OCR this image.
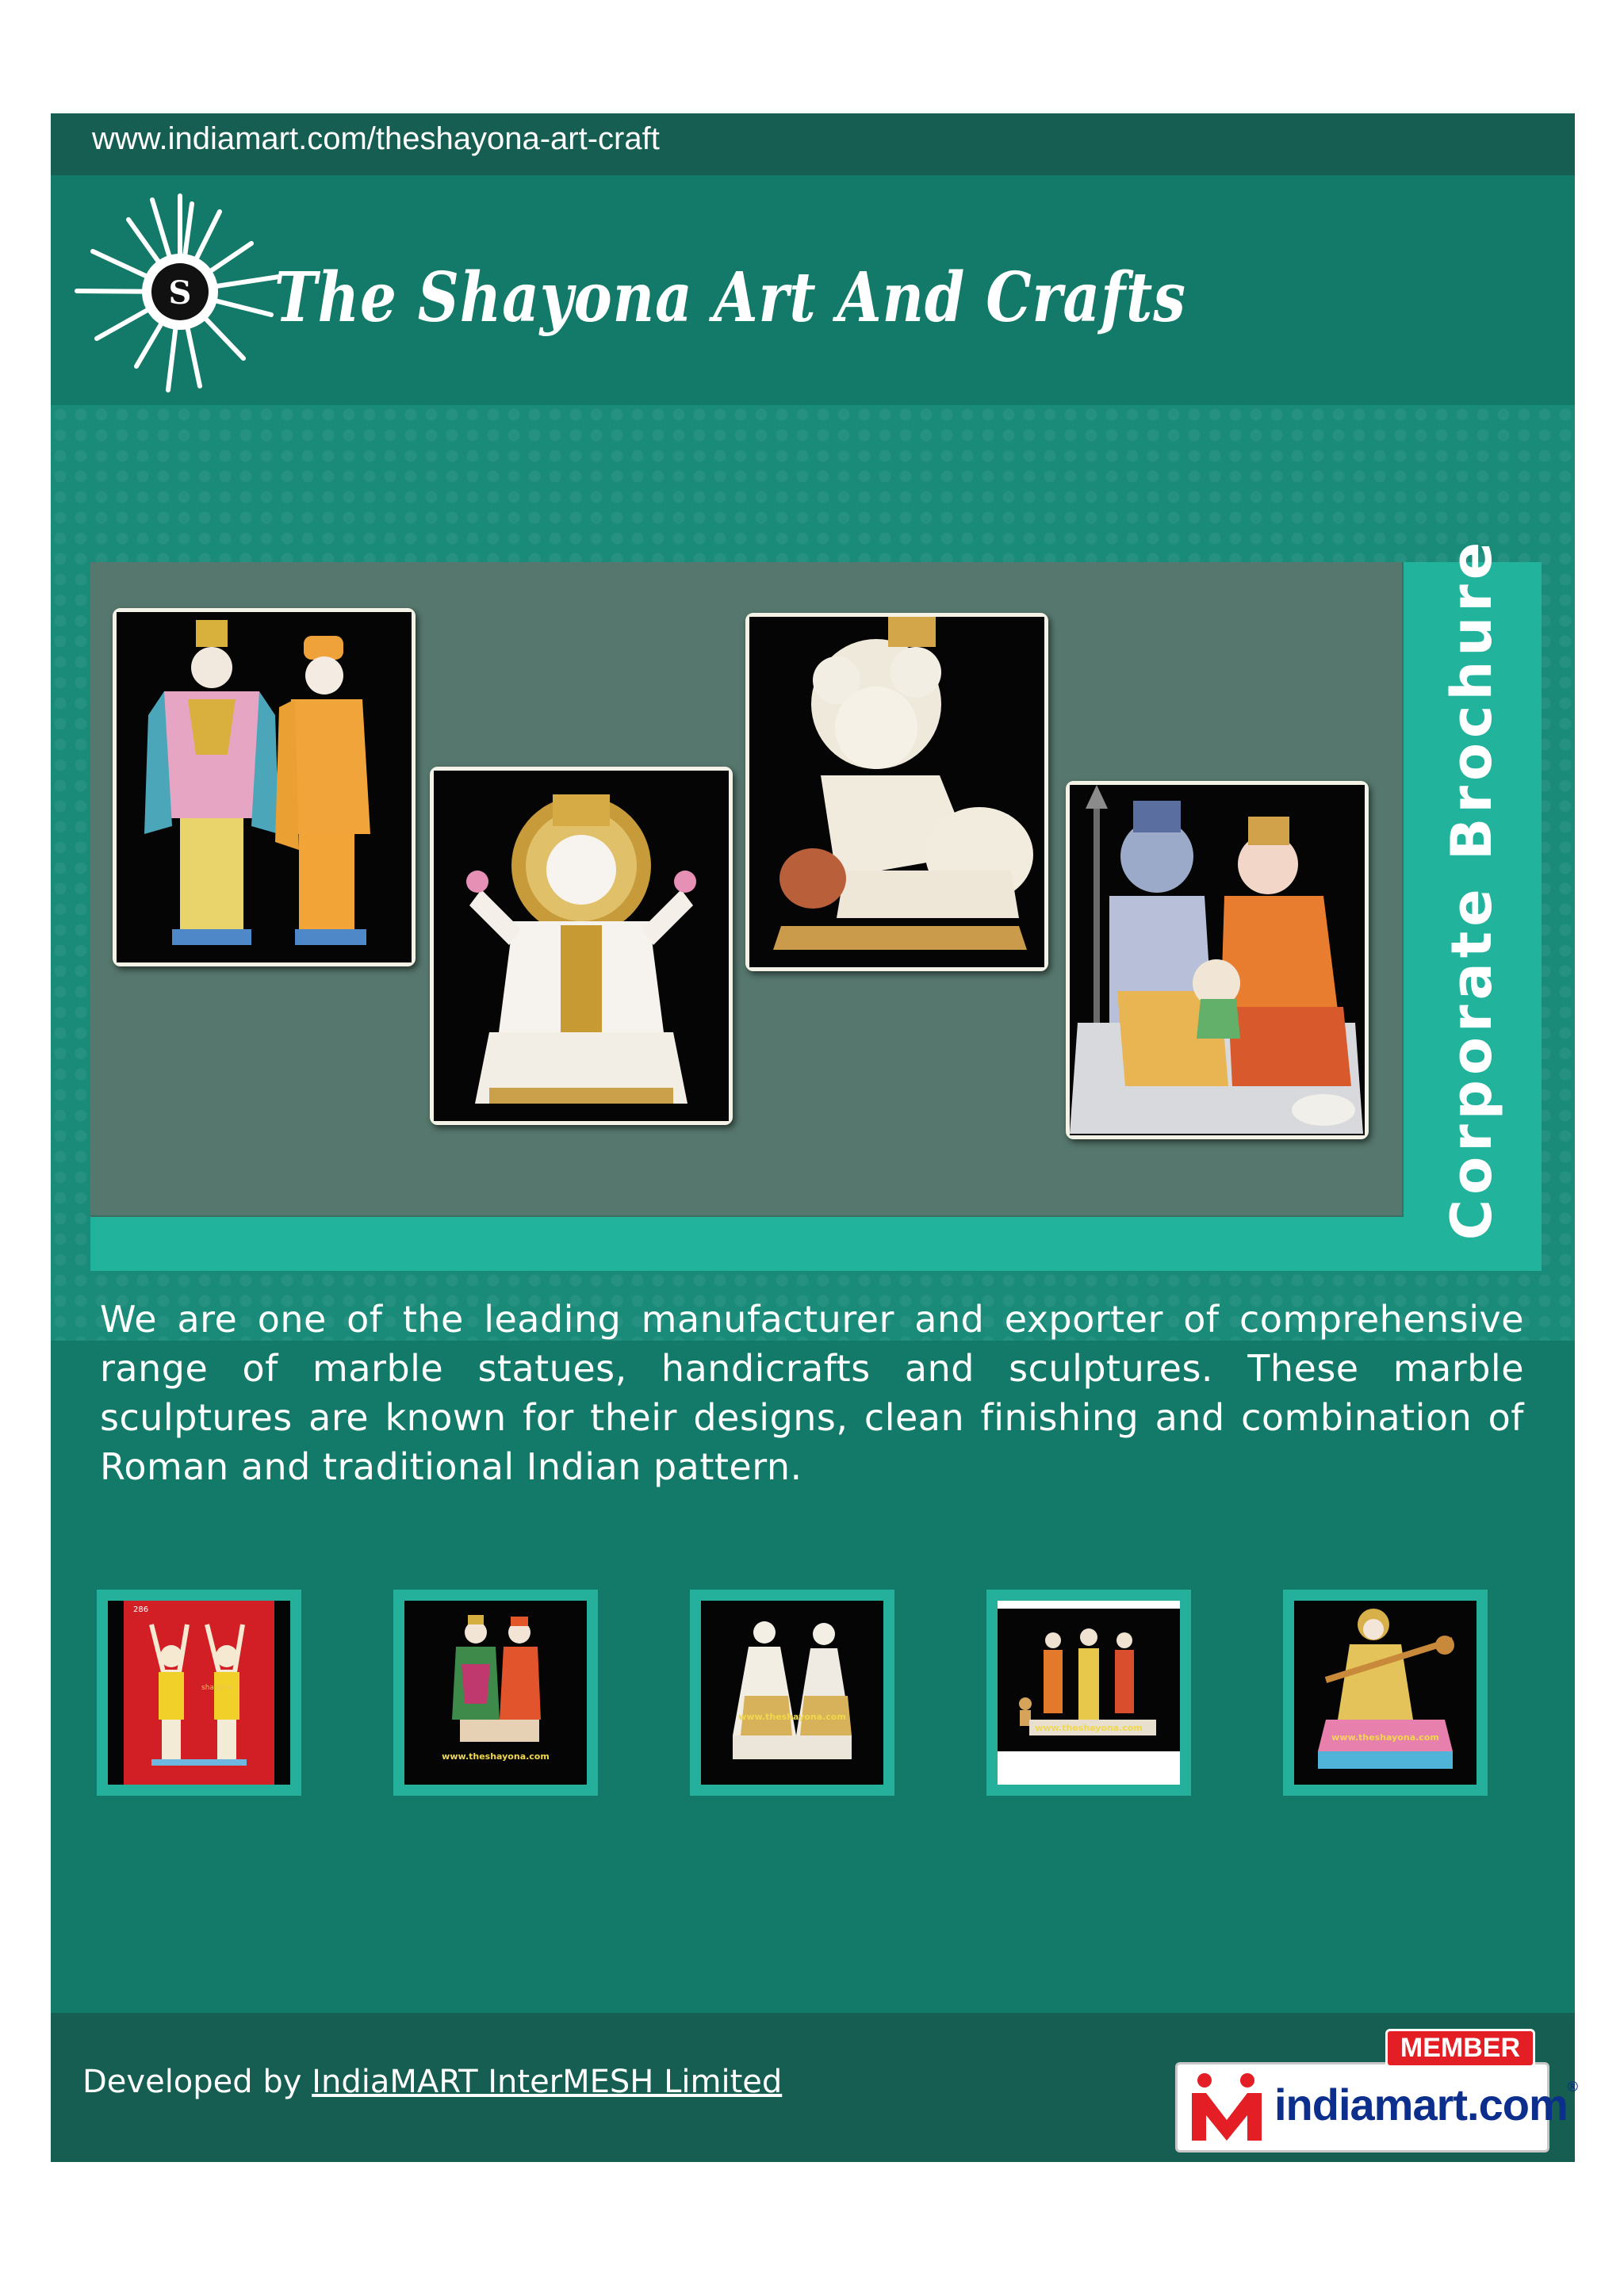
www.indiamart.com/theshayona-art-craft
S The Shayona Art And Crafts
Corporate Brochure
We are one of the leading manufacturer and exporter of comprehensive range of marble statues, handicrafts and sculptures. These marble sculptures are known for their designs, clean finishing and combination of Roman and traditional Indian pattern.
286
shayona
www.theshayona.com
www.theshayona.com
www.theshayona.com
www.theshayona.com
Developed by IndiaMART InterMESH Limited	indiamart.com®
MEMBER
